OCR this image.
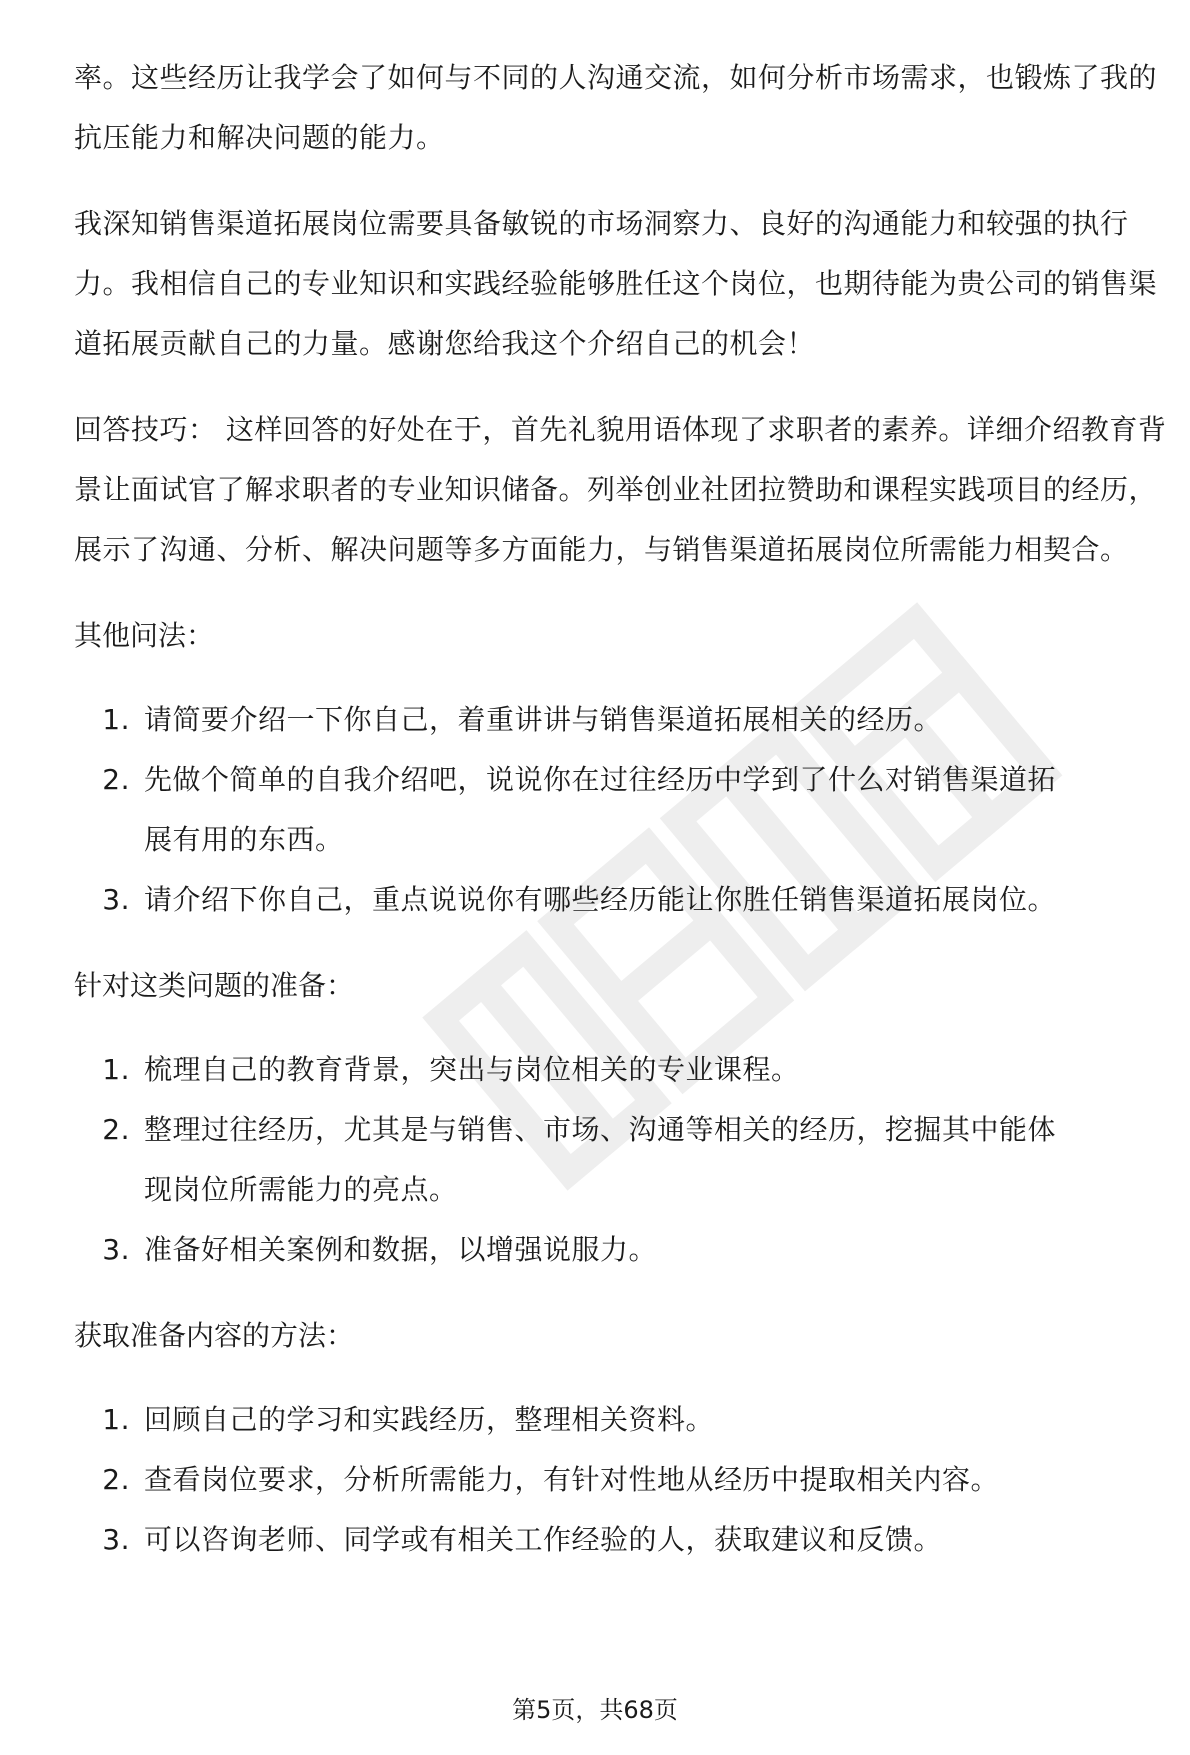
率。这些经历让我学会了如何与不同的人沟通交流，如何分析市场需求，也锻炼了我的抗压能力和解决问题的能力。

我深知销售渠道拓展岗位需要具备敏锐的市场洞察力、良好的沟通能力和较强的执行力。我相信自己的专业知识和实践经验能够胜任这个岗位，也期待能为贵公司的销售渠道拓展贡献自己的力量。感谢您给我这个介绍自己的机会！

回答技巧： 这样回答的好处在于，首先礼貌用语体现了求职者的素养。详细介绍教育背景让面试官了解求职者的专业知识储备。列举创业社团拉赞助和课程实践项目的经历，展示了沟通、分析、解决问题等多方面能力，与销售渠道拓展岗位所需能力相契合。

其他问法：
1. 请简要介绍一下你自己，着重讲讲与销售渠道拓展相关的经历。
2. 先做个简单的自我介绍吧，说说你在过往经历中学到了什么对销售渠道拓展有用的东西。
3. 请介绍下你自己，重点说说你有哪些经历能让你胜任销售渠道拓展岗位。
针对这类问题的准备：
1. 梳理自己的教育背景，突出与岗位相关的专业课程。
2. 整理过往经历，尤其是与销售、市场、沟通等相关的经历，挖掘其中能体现岗位所需能力的亮点。
3. 准备好相关案例和数据，以增强说服力。
获取准备内容的方法：
1. 回顾自己的学习和实践经历，整理相关资料。
2. 查看岗位要求，分析所需能力，有针对性地从经历中提取相关内容。
3. 可以咨询老师、同学或有相关工作经验的人，获取建议和反馈。
第5页，共68页
